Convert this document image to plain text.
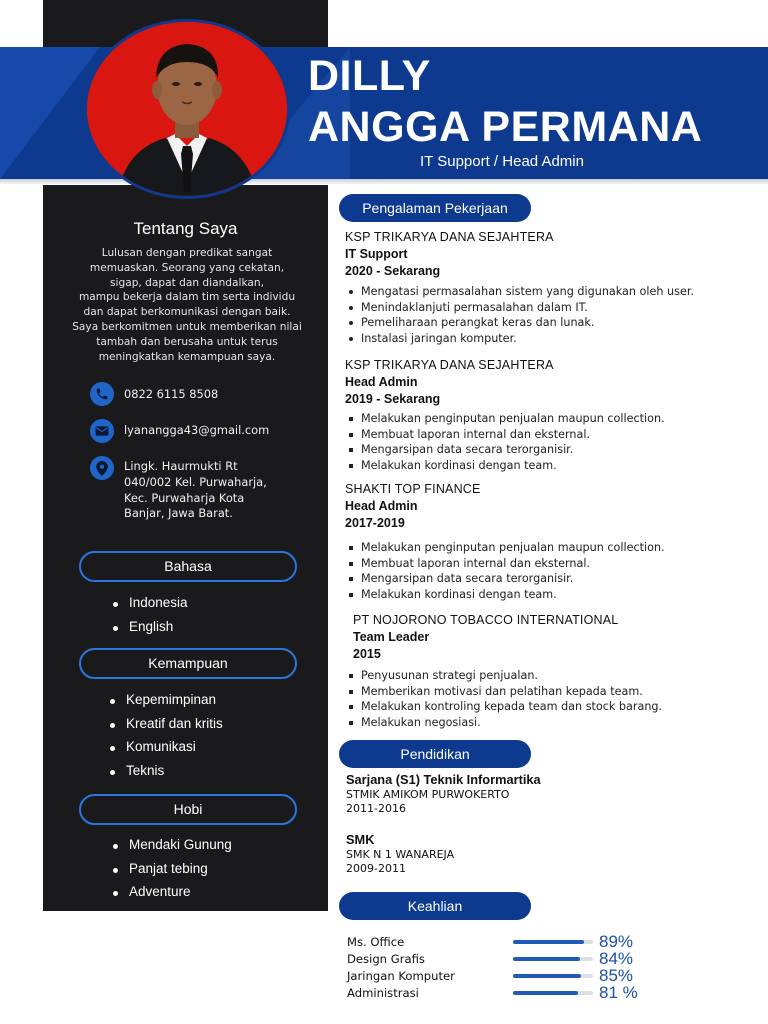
DILLY
ANGGA PERMANA
IT Support / Head Admin
Tentang Saya
Lulusan dengan predikat sangat
memuaskan. Seorang yang cekatan,
sigap, dapat dan diandalkan,
mampu bekerja dalam tim serta individu
dan dapat berkomunikasi dengan baik.
Saya berkomitmen untuk memberikan nilai
tambah dan berusaha untuk terus
meningkatkan kemampuan saya.
0822 6115 8508
lyanangga43@gmail.com
Lingk. Haurmukti Rt
040/002 Kel. Purwaharja,
Kec. Purwaharja Kota
Banjar, Jawa Barat.
Bahasa
Indonesia
English
Kemampuan
Kepemimpinan
Kreatif dan kritis
Komunikasi
Teknis
Hobi
Mendaki Gunung
Panjat tebing
Adventure
Pengalaman Pekerjaan
KSP TRIKARYA DANA SEJAHTERA
IT Support
2020 - Sekarang
Mengatasi permasalahan sistem yang digunakan oleh user.
Menindaklanjuti permasalahan dalam IT.
Pemeliharaan perangkat keras dan lunak.
Instalasi jaringan komputer.
KSP TRIKARYA DANA SEJAHTERA
Head Admin
2019 - Sekarang
Melakukan penginputan penjualan maupun collection.
Membuat laporan internal dan eksternal.
Mengarsipan data secara terorganisir.
Melakukan kordinasi dengan team.
SHAKTI TOP FINANCE
Head Admin
2017-2019
Melakukan penginputan penjualan maupun collection.
Membuat laporan internal dan eksternal.
Mengarsipan data secara terorganisir.
Melakukan kordinasi dengan team.
PT NOJORONO TOBACCO INTERNATIONAL
Team Leader
2015
Penyusunan strategi penjualan.
Memberikan motivasi dan pelatihan kepada team.
Melakukan kontroling kepada team dan stock barang.
Melakukan negosiasi.
Pendidikan
Sarjana (S1) Teknik Informartika
STMIK AMIKOM PURWOKERTO
2011-2016
SMK
SMK N 1 WANAREJA
2009-2011
Keahlian
Ms. Office	89%
Design Grafis	84%
Jaringan Komputer	85%
Administrasi	81 %
